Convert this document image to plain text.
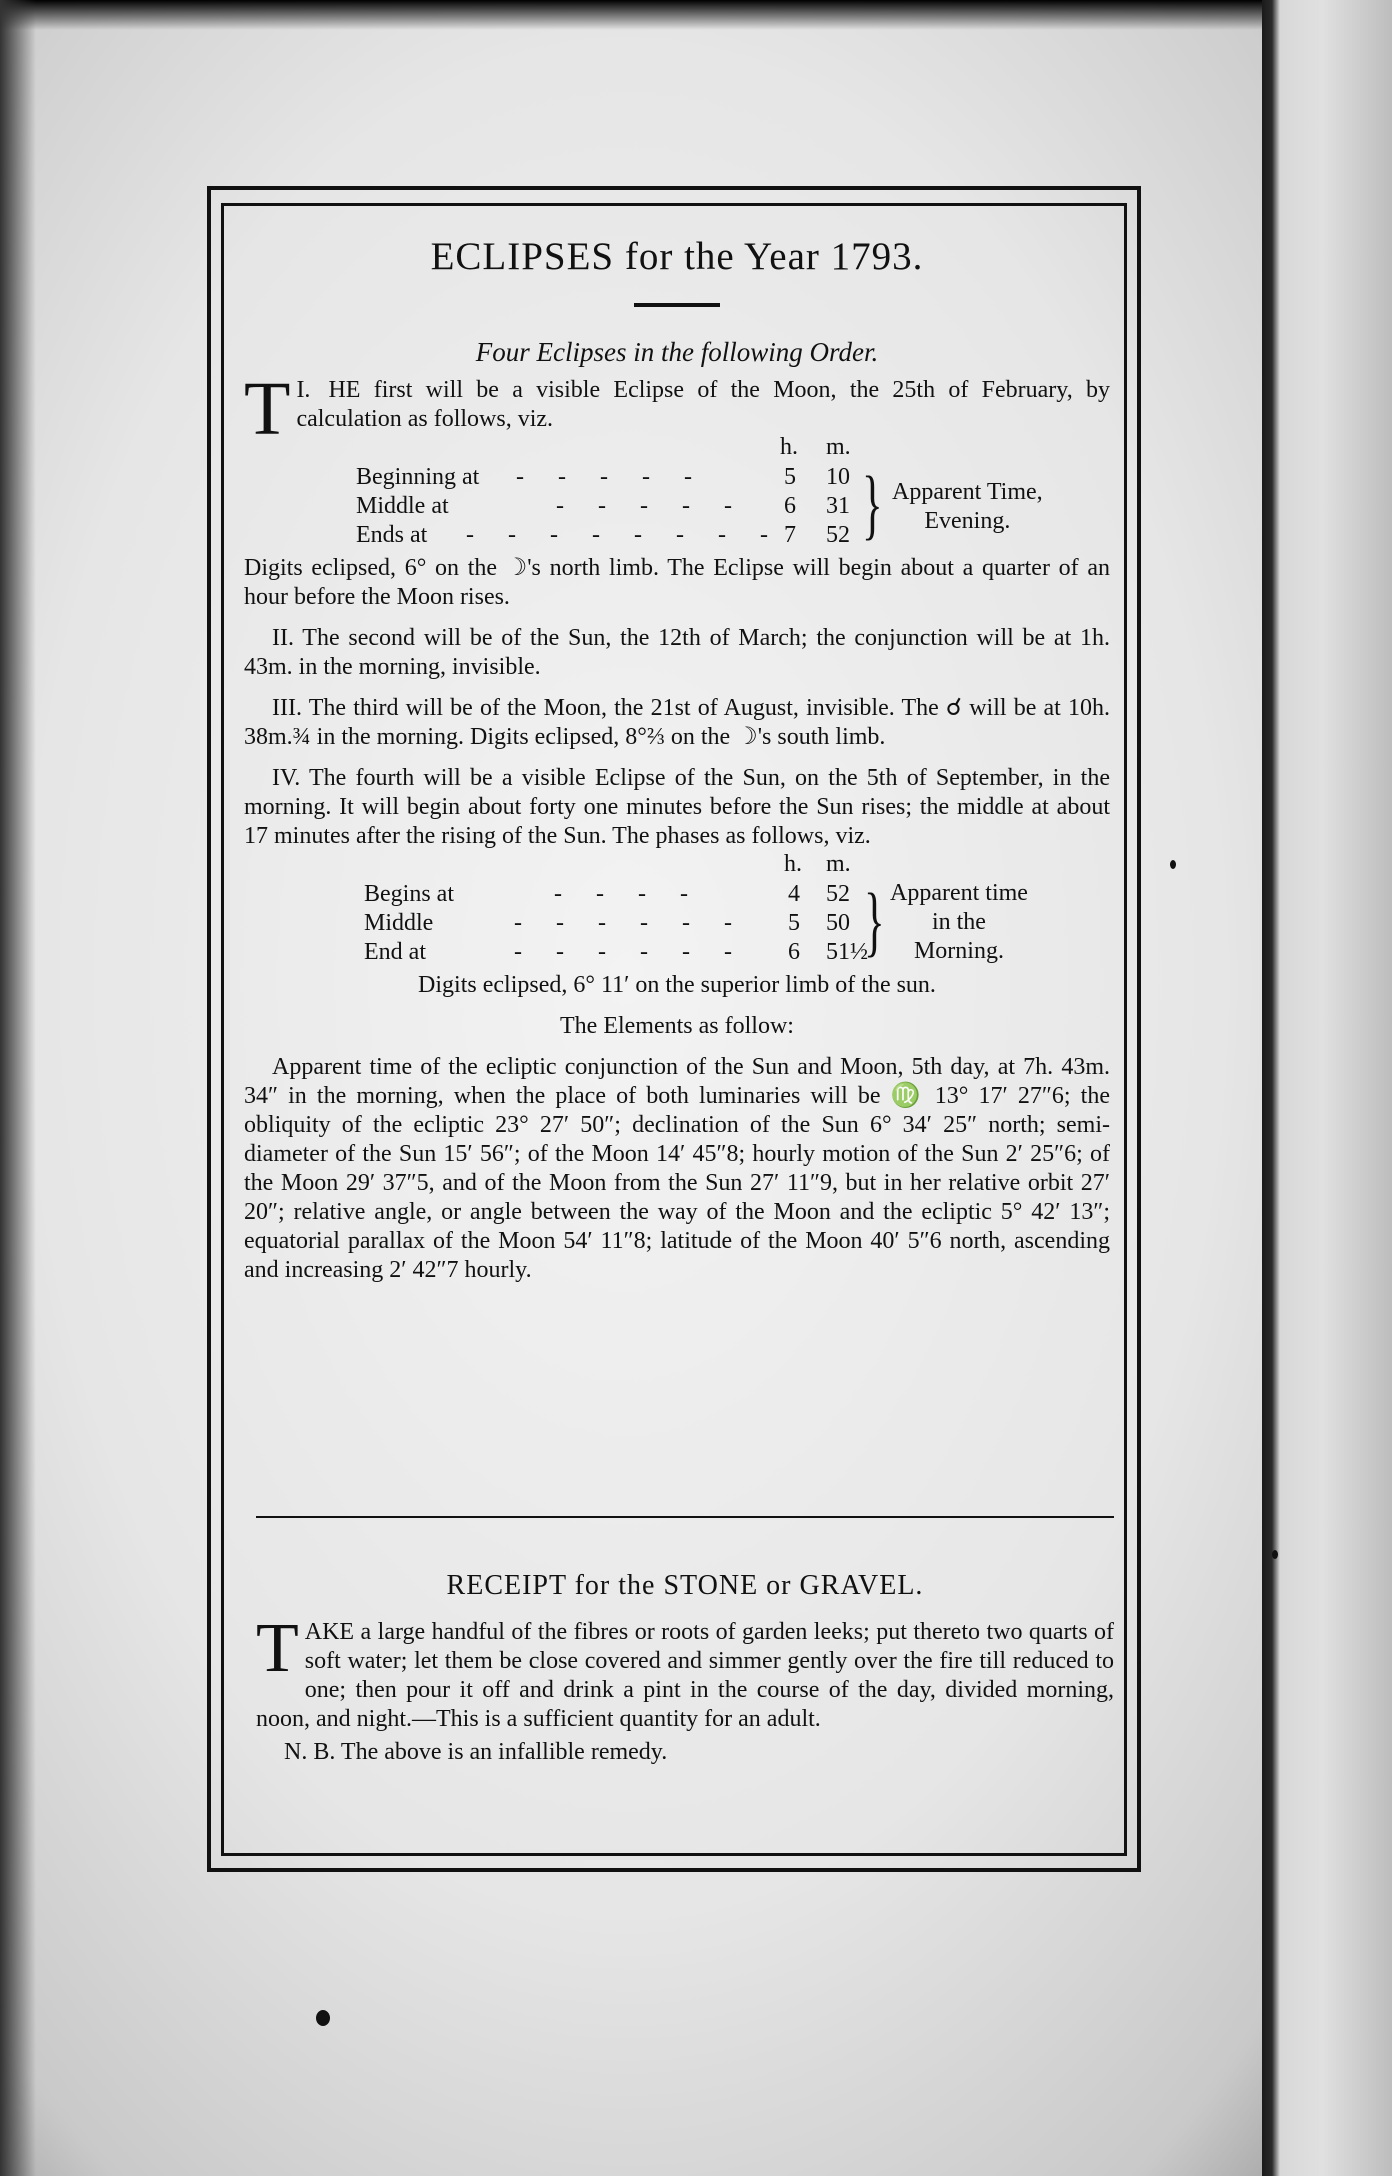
ECLIPSES for the Year 1793.
Four Eclipses in the following Order.

I.
T HE first will be a visible Eclipse of the Moon, the 25th of February, by calculation as follows, viz.

h. m.
Beginning at - - - - -	5 10
Middle at	- - - - - 6 31
Ends at - - - - - - - - 7 52 } Apparent Time,
Evening.

Digits eclipsed, 6° on the ☽'s north limb. The Eclipse will begin about a quarter of an hour before the Moon rises.

II. The second will be of the Sun, the 12th of March; the conjunction will be at 1h. 43m. in the morning, invisible.

III. The third will be of the Moon, the 21st of August, invisible. The ☌ will be at 10h. 38m.¾ in the morning. Digits eclipsed, 8°⅔ on the ☽'s south limb.

IV. The fourth will be a visible Eclipse of the Sun, on the 5th of September, in the morning. It will begin about forty one minutes before the Sun rises; the middle at about 17 minutes after the rising of the Sun. The phases as follows, viz.

h. m.
Begins at	- - - -	4 52
Middle	- - - - - - 5 50
End at	- - - - - - 6 51½
} Apparent time
in the
Morning.

Digits eclipsed, 6° 11′ on the superior limb of the sun.

The Elements as follow:

Apparent time of the ecliptic conjunction of the Sun and Moon, 5th day, at 7h. 43m. 34″ in the morning, when the place of both luminaries will be ♍ 13° 17′ 27″6; the obliquity of the ecliptic 23° 27′ 50″; declination of the Sun 6° 34′ 25″ north; semi-diameter of the Sun 15′ 56″; of the Moon 14′ 45″8; hourly motion of the Sun 2′ 25″6; of the Moon 29′ 37″5, and of the Moon from the Sun 27′ 11″9, but in her relative orbit 27′ 20″; relative angle, or angle between the way of the Moon and the ecliptic 5° 42′ 13″; equatorial parallax of the Moon 54′ 11″8; latitude of the Moon 40′ 5″6 north, ascending and increasing 2′ 42″7 hourly.

RECEIPT for the STONE or GRAVEL.

TAKE a large handful of the fibres or roots of garden leeks; put thereto two quarts of soft water; let them be close covered and simmer gently over the fire till reduced to one; then pour it off and drink a pint in the course of the day, divided morning, noon, and night.—This is a sufficient quantity for an adult.

N. B. The above is an infallible remedy.
